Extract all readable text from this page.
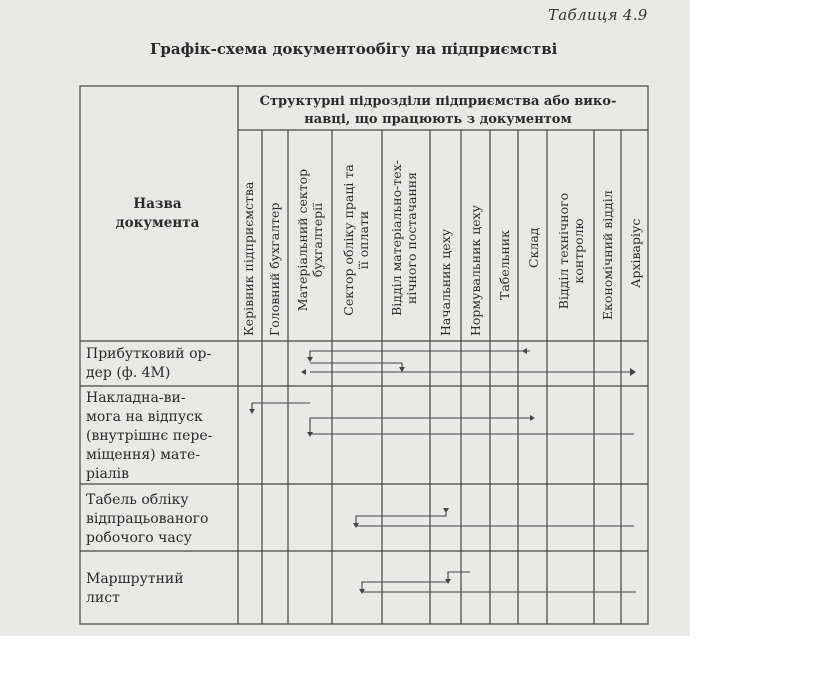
Таблиця 4.9
Графік-схема документообігу на підприємстві
Структурні підрозділи підприємства або вико-
навці, що працюють з документом
Назва
документа	Керівник підприємства Головний бухгалтер Матеріальний сектор бухгалтерії Сектор обліку праці та її оплати Відділ матеріально-тех- нічного постачання Начальник цеху Нормувальник цеху Табельник Склад Відділ технічного контролю Економічний відділ Архіваріус
Прибутковий ор-
дер (ф. 4М)
Накладна-ви-
мога на відпуск
(внутрішнє пере-
міщення) мате-
ріалів
Табель обліку
відпрацьованого
робочого часу
Маршрутний
лист
